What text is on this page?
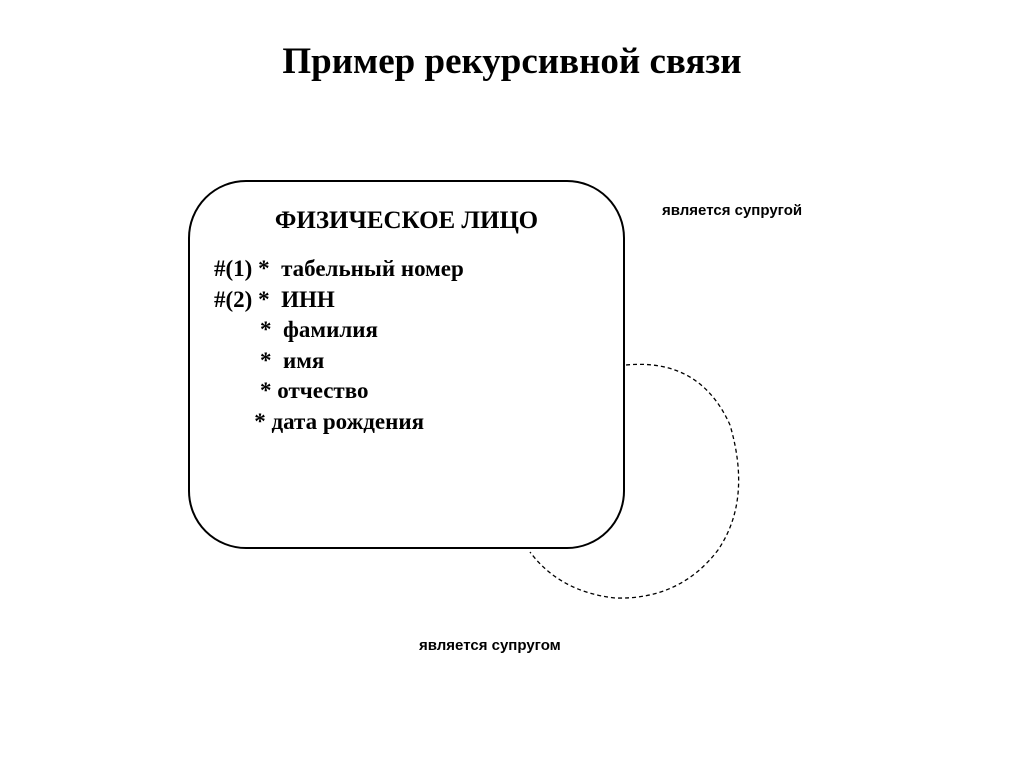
Пример рекурсивной связи
ФИЗИЧЕСКОЕ ЛИЦО
#(1) *  табельный номер
#(2) *  ИНН
*  фамилия
*  имя
* отчество
* дата рождения
является супругой
является супругом
